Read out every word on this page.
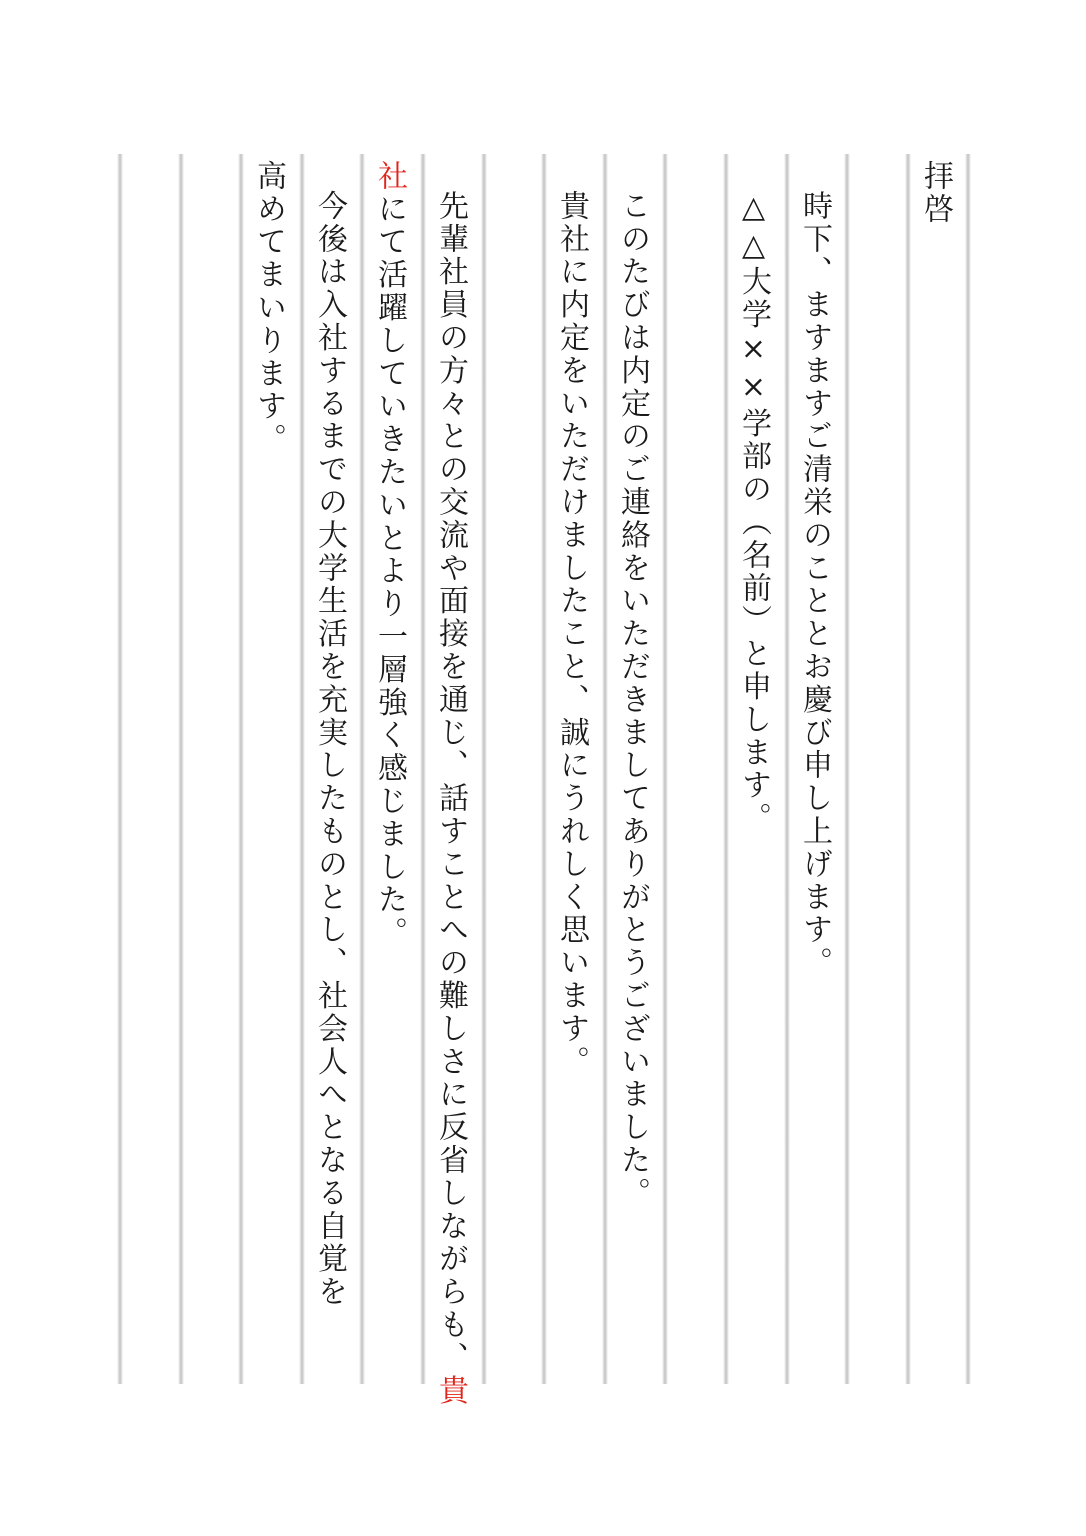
拝啓
時下、ますますご清栄のこととお慶び申し上げます。
△△大学××学部の（名前）と申します。
このたびは内定のご連絡をいただきましてありがとうございました。
貴社に内定をいただけましたこと、誠にうれしく思います。
先輩社員の方々との交流や面接を通じ、話すことへの難しさに反省しながらも、貴
社にて活躍していきたいとより一層強く感じました。
今後は入社するまでの大学生活を充実したものとし、社会人へとなる自覚を
高めてまいります。
